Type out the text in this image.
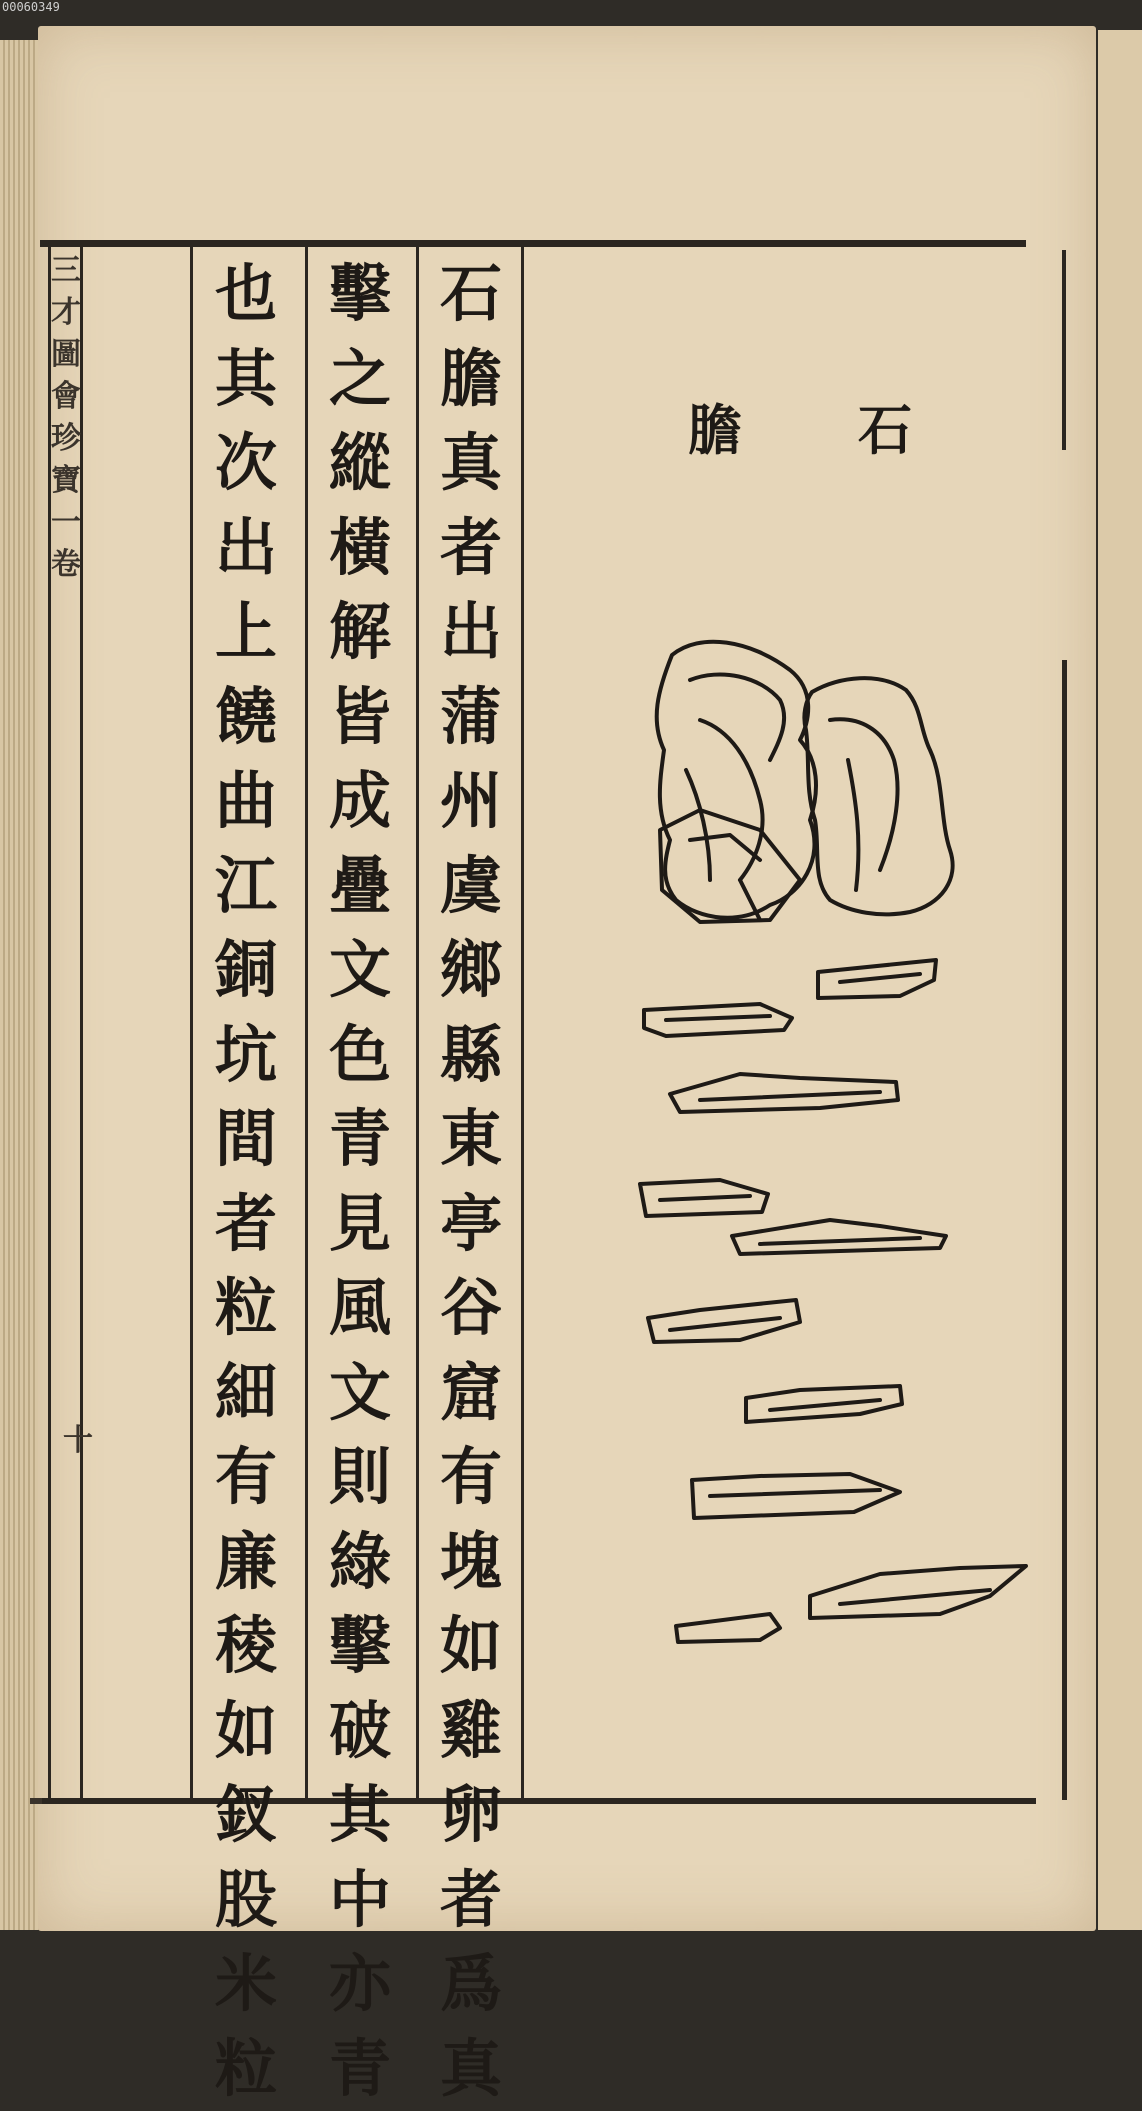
00060349
石
膽
真
者
出
蒲
州
虞
鄉
縣
東
亭
谷
窟
有
塊
如
雞
卵
者
爲
真
擊
之
縱
橫
解
皆
成
疊
文
色
青
見
風
文
則
綠
擊
破
其
中
亦
青
也
其
次
出
上
饒
曲
江
銅
坑
間
者
粒
細
有
廉
稜
如
釵
股
米
粒
三
才
圖
會
珍
寶
一
卷
十
石
膽
